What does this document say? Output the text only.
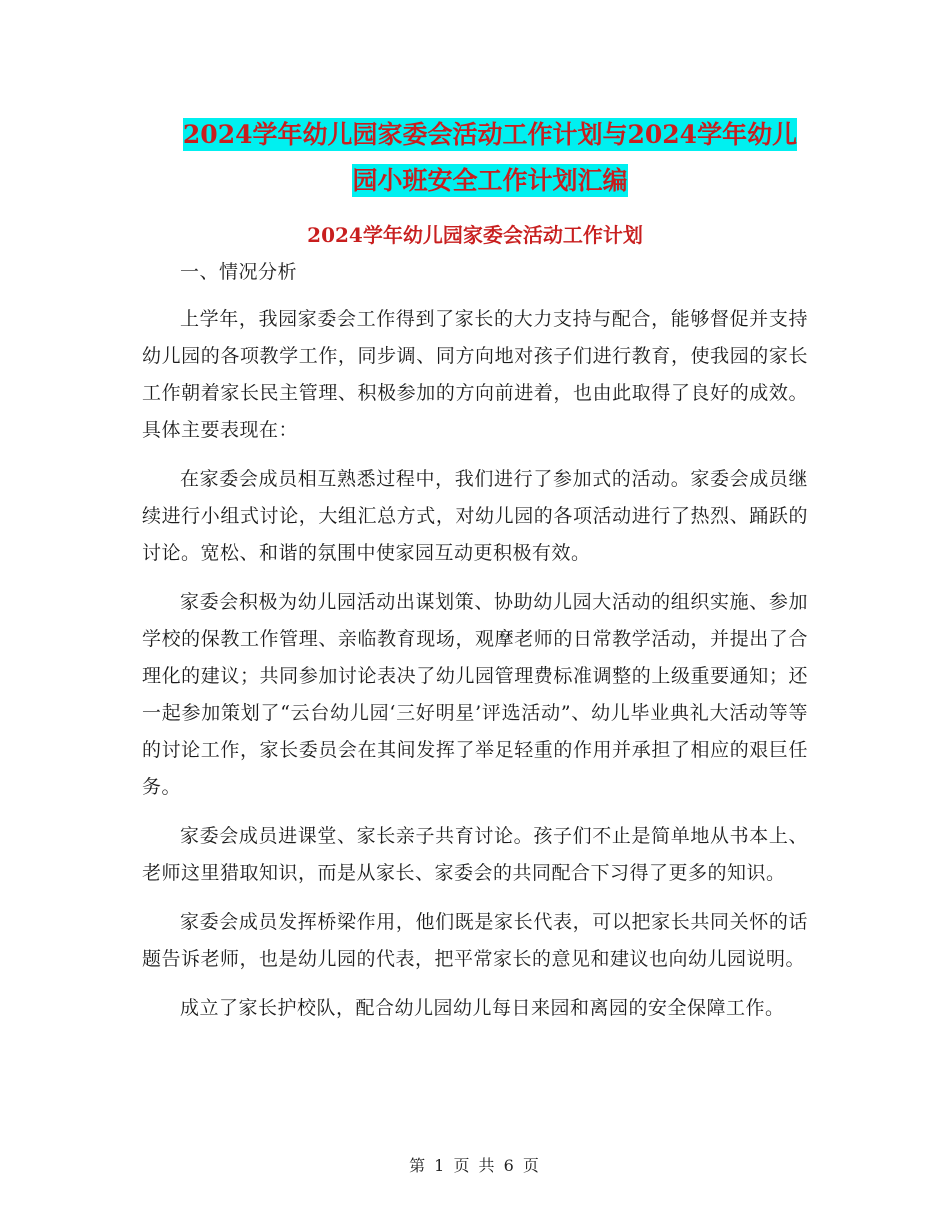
2024学年幼儿园家委会活动工作计划与2024学年幼儿
园小班安全工作计划汇编
2024学年幼儿园家委会活动工作计划

一、情况分析

上学年，我园家委会工作得到了家长的大力支持与配合，能够督促并支持幼儿园的各项教学工作，同步调、同方向地对孩子们进行教育，使我园的家长工作朝着家长民主管理、积极参加的方向前进着，也由此取得了良好的成效。具体主要表现在：

在家委会成员相互熟悉过程中，我们进行了参加式的活动。家委会成员继续进行小组式讨论，大组汇总方式，对幼儿园的各项活动进行了热烈、踊跃的讨论。宽松、和谐的氛围中使家园互动更积极有效。

家委会积极为幼儿园活动出谋划策、协助幼儿园大活动的组织实施、参加学校的保教工作管理、亲临教育现场，观摩老师的日常教学活动，并提出了合理化的建议；共同参加讨论表决了幼儿园管理费标准调整的上级重要通知；还一起参加策划了“云台幼儿园‘三好明星’评选活动”、幼儿毕业典礼大活动等等的讨论工作，家长委员会在其间发挥了举足轻重的作用并承担了相应的艰巨任务。

家委会成员进课堂、家长亲子共育讨论。孩子们不止是简单地从书本上、老师这里猎取知识，而是从家长、家委会的共同配合下习得了更多的知识。

家委会成员发挥桥梁作用，他们既是家长代表，可以把家长共同关怀的话题告诉老师，也是幼儿园的代表，把平常家长的意见和建议也向幼儿园说明。

成立了家长护校队，配合幼儿园幼儿每日来园和离园的安全保障工作。

第 1 页 共 6 页
